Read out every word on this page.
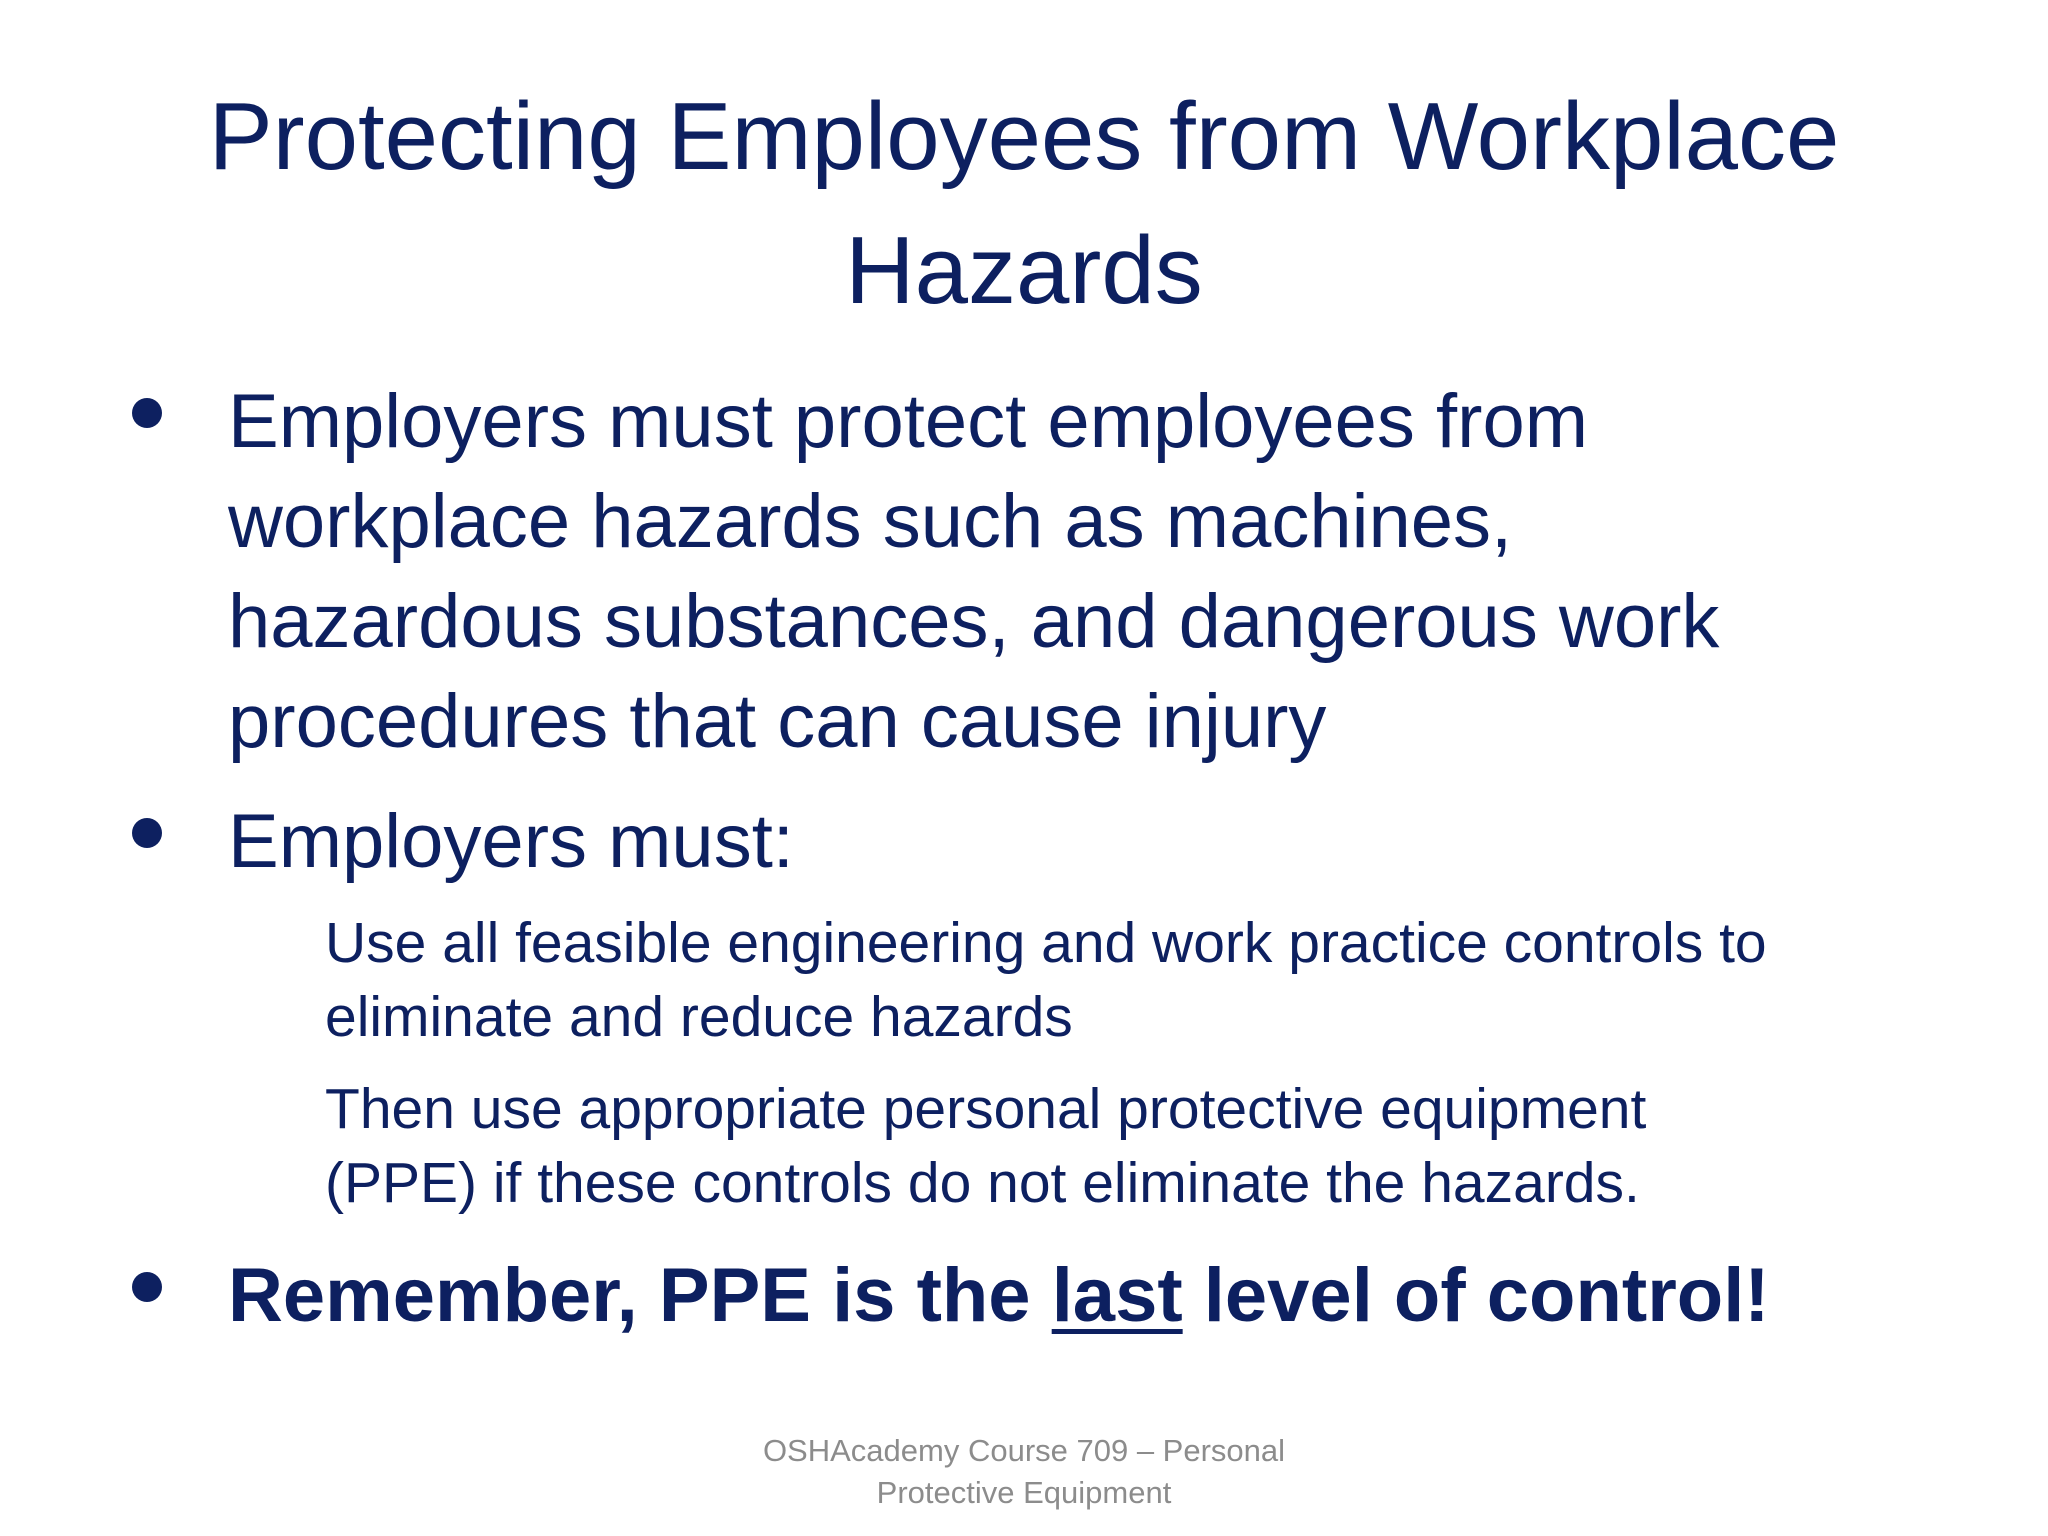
Protecting Employees from Workplace
Hazards
Employers must protect employees from
workplace hazards such as machines,
hazardous substances, and dangerous work
procedures that can cause injury
Employers must:
Use all feasible engineering and work practice controls to
eliminate and reduce hazards
Then use appropriate personal protective equipment
(PPE) if these controls do not eliminate the hazards.
Remember, PPE is the last level of control!
OSHAcademy Course 709 – Personal
Protective Equipment
